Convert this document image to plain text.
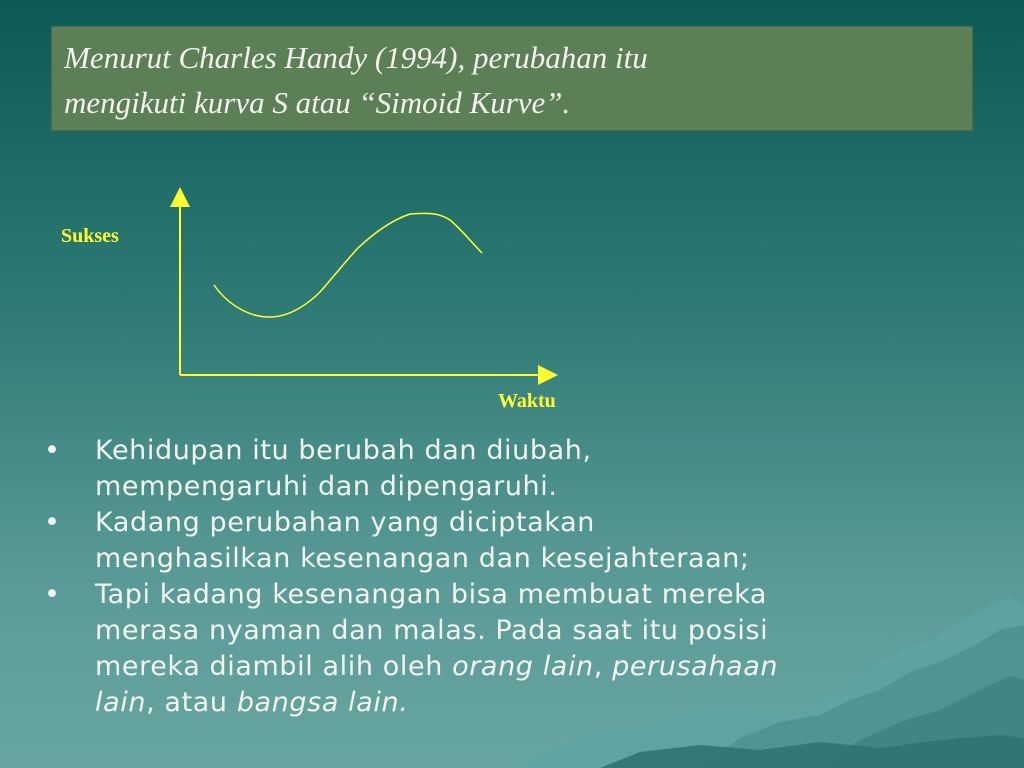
Menurut Charles Handy (1994), perubahan itu

mengikuti kurva S atau “Simoid Kurve”.

Sukses
Waktu
• Kehidupan itu berubah dan diubah,
mempengaruhi dan dipengaruhi.
• Kadang perubahan yang diciptakan
menghasilkan kesenangan dan kesejahteraan;
• Tapi kadang kesenangan bisa membuat mereka
merasa nyaman dan malas. Pada saat itu posisi
mereka diambil alih oleh orang lain, perusahaan
lain, atau bangsa lain.
